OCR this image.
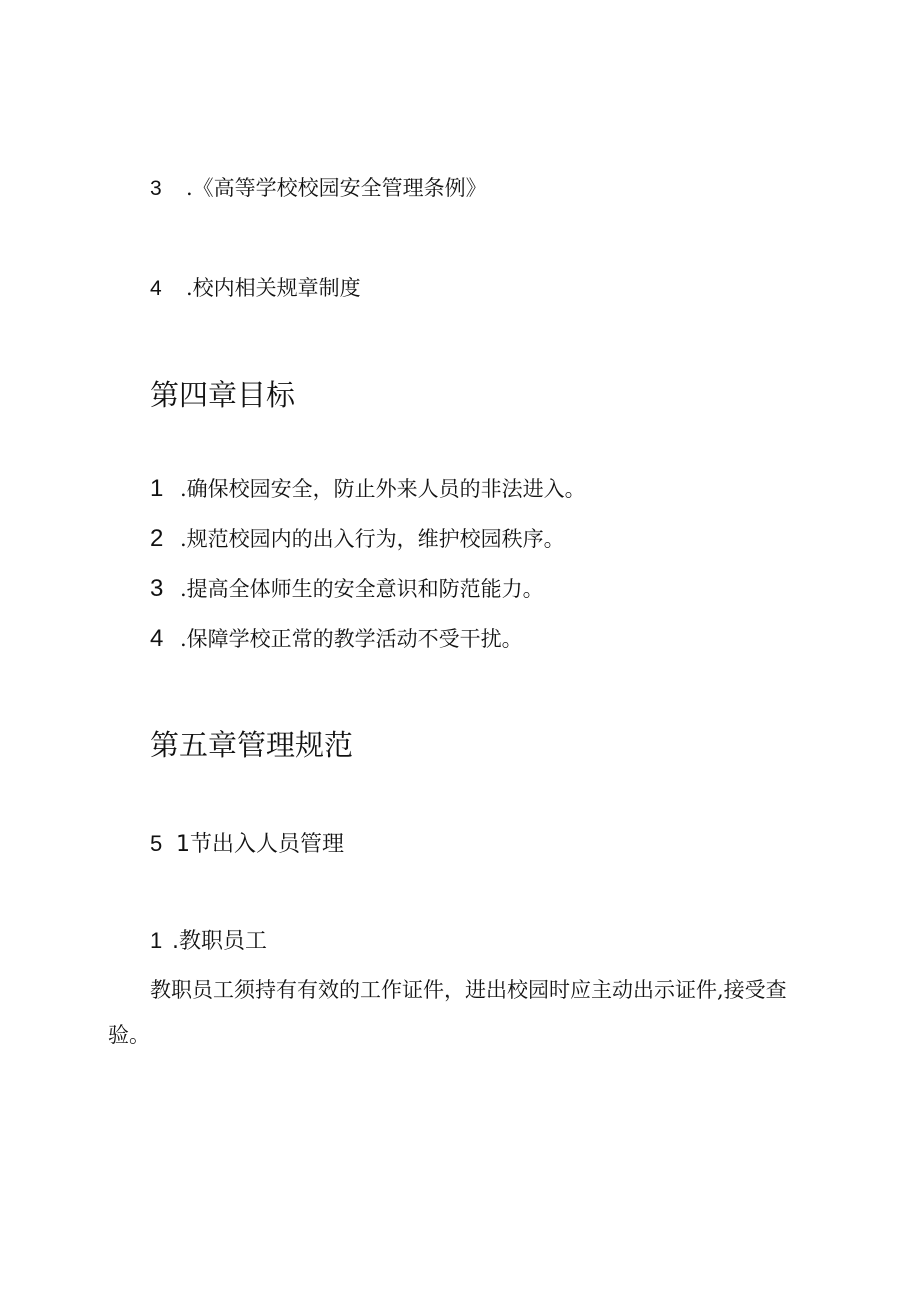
3 .《高等学校校园安全管理条例》
4 .校内相关规章制度
第四章目标
1 .确保校园安全，防止外来人员的非法进入。
2 .规范校园内的出入行为，维护校园秩序。
3 .提高全体师生的安全意识和防范能力。
4 .保障学校正常的教学活动不受干扰。
第五章管理规范
5 1节出入人员管理
1 .教职员工

教职员工须持有有效的工作证件，进出校园时应主动出示证件,接受查验。
